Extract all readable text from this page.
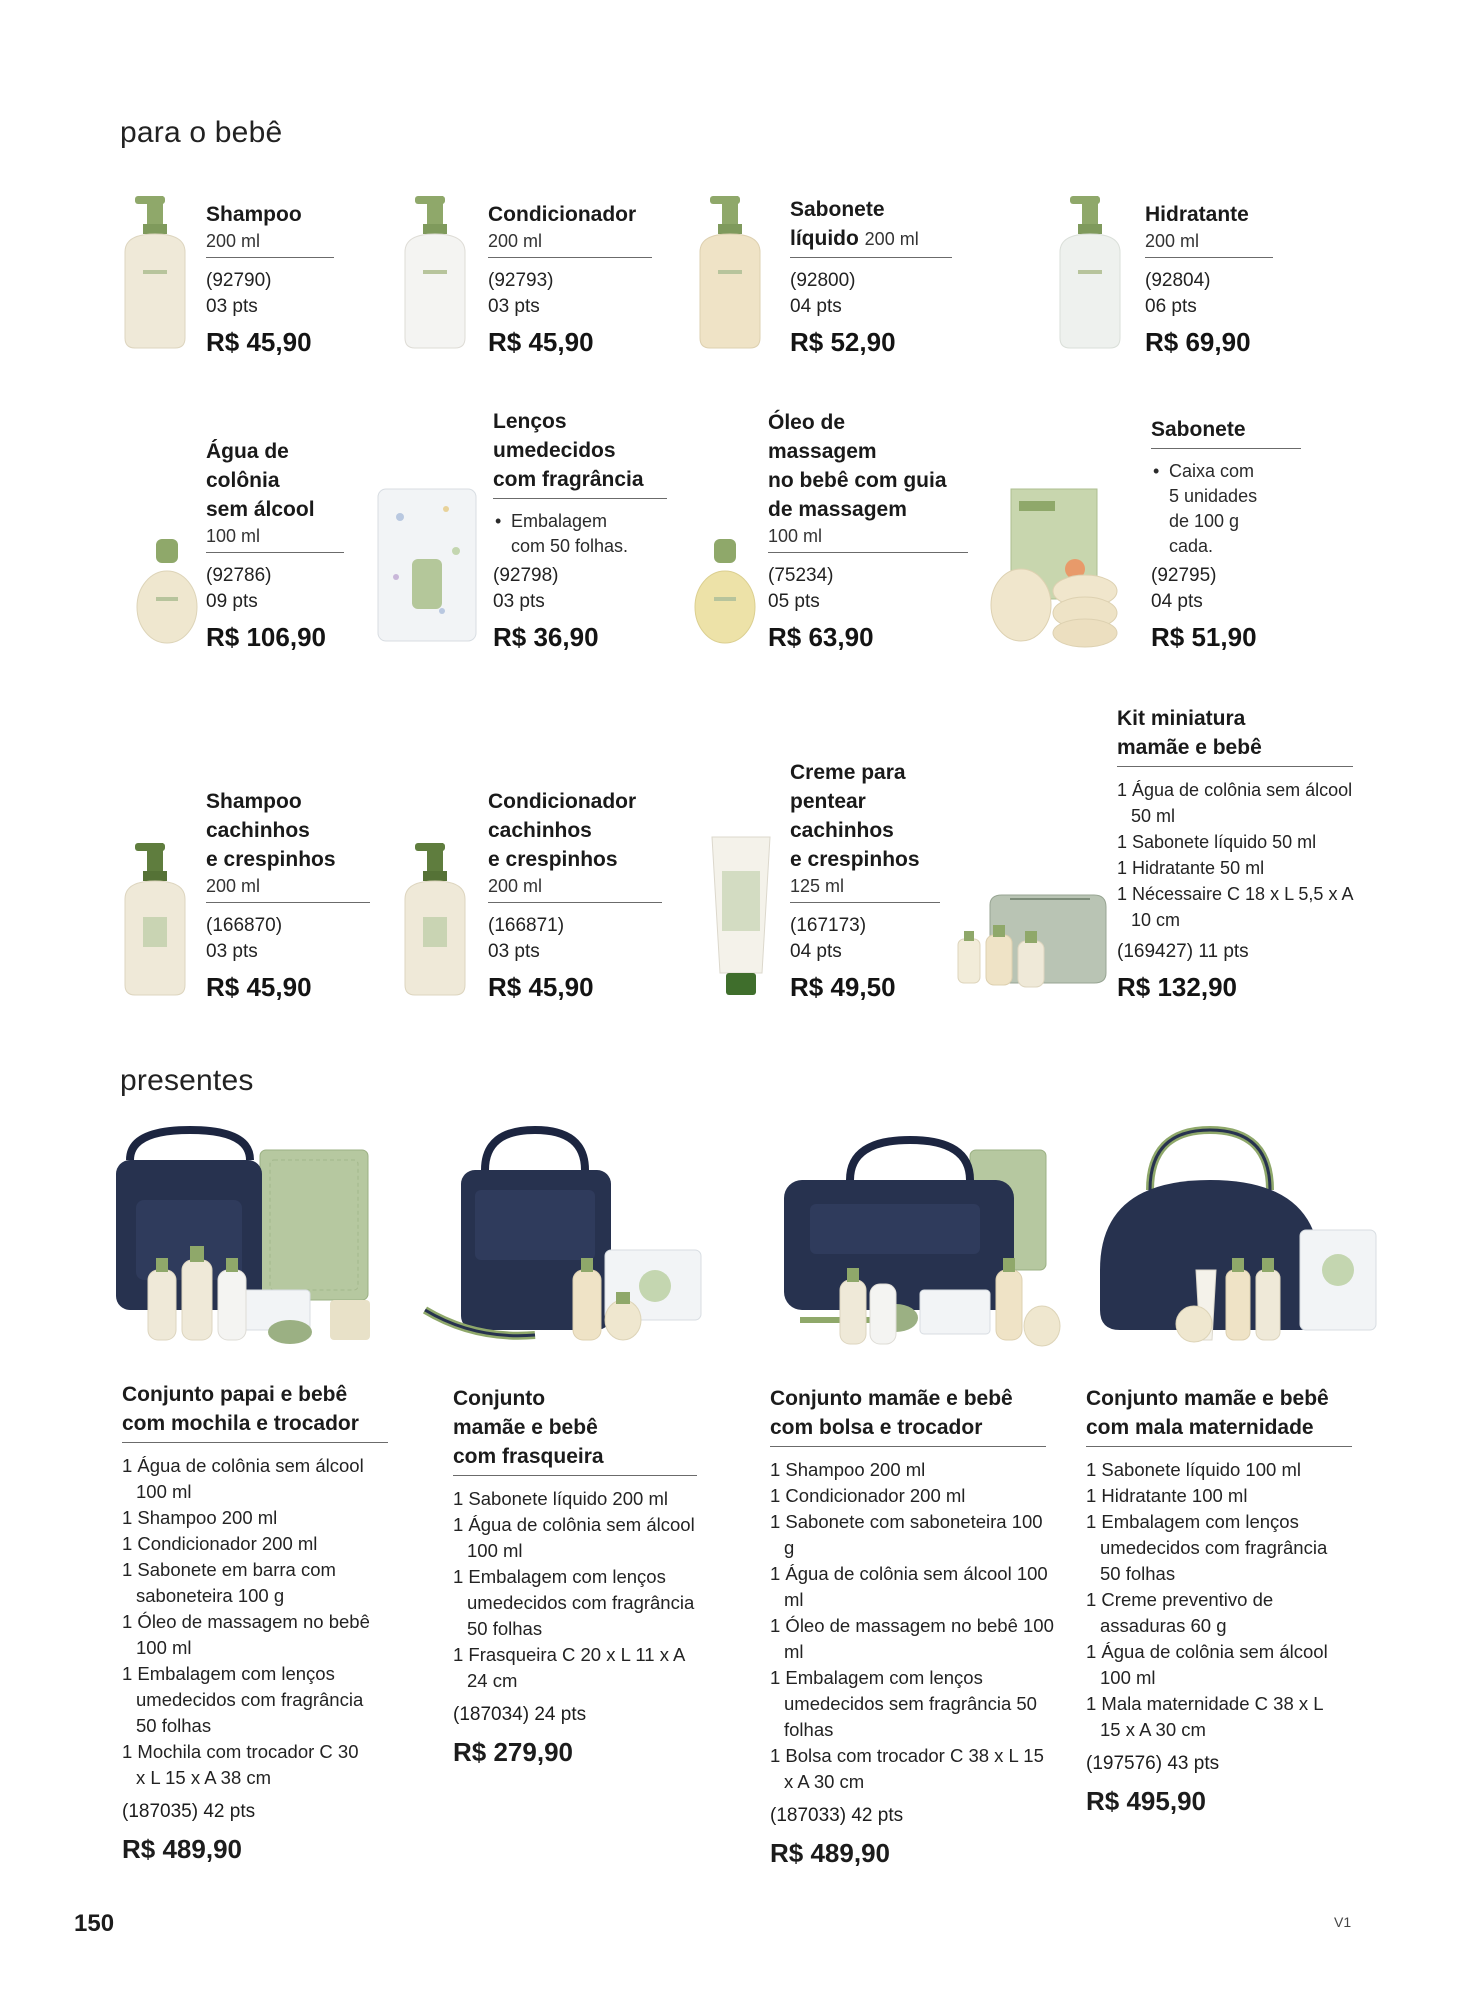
para o bebê
presentes
Shampoo
200 ml
(92790)
03 pts
R$ 45,90
Condicionador
200 ml
(92793)
03 pts
R$ 45,90
Sabonete
líquido 200 ml
(92800)
04 pts
R$ 52,90
Hidratante
200 ml
(92804)
06 pts
R$ 69,90
Água de
colônia
sem álcool
100 ml
(92786)
09 pts
R$ 106,90
Lenços
umedecidos
com fragrância
• Embalagem
com 50 folhas.
(92798)
03 pts
R$ 36,90
Óleo de
massagem
no bebê com guia
de massagem
100 ml
(75234)
05 pts
R$ 63,90
Sabonete
• Caixa com
5 unidades
de 100 g
cada.
(92795)
04 pts
R$ 51,90
Shampoo
cachinhos
e crespinhos
200 ml
(166870)
03 pts
R$ 45,90
Condicionador
cachinhos
e crespinhos
200 ml
(166871)
03 pts
R$ 45,90
Creme para
pentear
cachinhos
e crespinhos
125 ml
(167173)
04 pts
R$ 49,50
Kit miniatura
mamãe e bebê
1 Água de colônia sem álcool 50 ml
1 Sabonete líquido 50 ml
1 Hidratante 50 ml
1 Nécessaire C 18 x L 5,5 x A 10 cm
(169427) 11 pts
R$ 132,90
Conjunto papai e bebê
com mochila e trocador
1 Água de colônia sem álcool 100 ml
1 Shampoo 200 ml
1 Condicionador 200 ml
1 Sabonete em barra com saboneteira 100 g
1 Óleo de massagem no bebê 100 ml
1 Embalagem com lenços umedecidos com fragrância 50 folhas
1 Mochila com trocador C 30 x L 15 x A 38 cm
(187035) 42 pts
R$ 489,90
Conjunto
mamãe e bebê
com frasqueira
1 Sabonete líquido 200 ml
1 Água de colônia sem álcool 100 ml
1 Embalagem com lenços umedecidos com fragrância 50 folhas
1 Frasqueira C 20 x L 11 x A 24 cm
(187034) 24 pts
R$ 279,90
Conjunto mamãe e bebê
com bolsa e trocador
1 Shampoo 200 ml
1 Condicionador 200 ml
1 Sabonete com saboneteira 100 g
1 Água de colônia sem álcool 100 ml
1 Óleo de massagem no bebê 100 ml
1 Embalagem com lenços umedecidos sem fragrância 50 folhas
1 Bolsa com trocador C 38 x L 15 x A 30 cm
(187033) 42 pts
R$ 489,90
Conjunto mamãe e bebê
com mala maternidade
1 Sabonete líquido 100 ml
1 Hidratante 100 ml
1 Embalagem com lenços umedecidos com fragrância 50 folhas
1 Creme preventivo de assaduras 60 g
1 Água de colônia sem álcool 100 ml
1 Mala maternidade C 38 x L 15 x A 30 cm
(197576) 43 pts
R$ 495,90
150	V1
